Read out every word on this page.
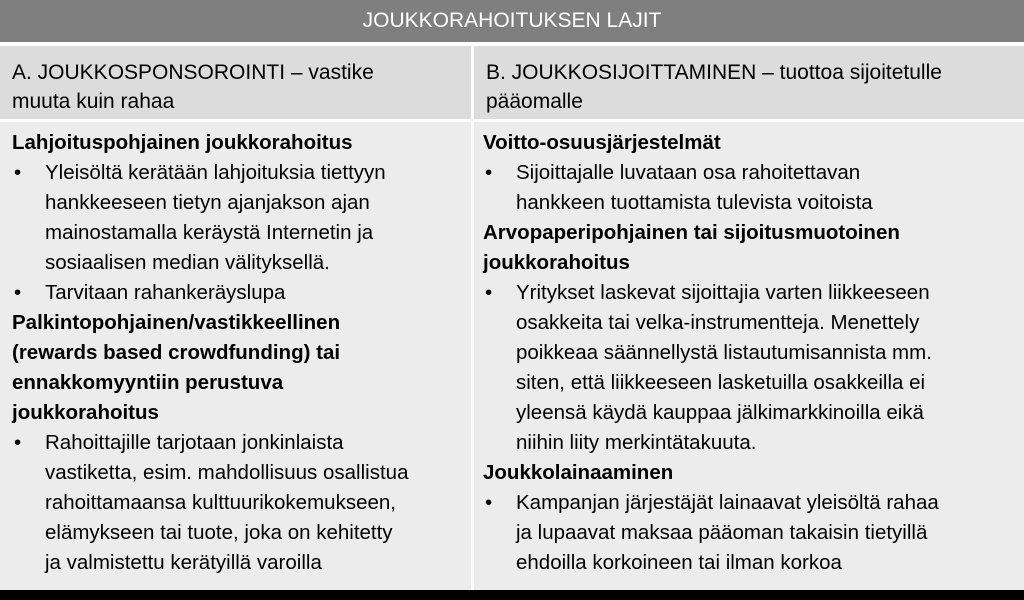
JOUKKORAHOITUKSEN LAJIT
A. JOUKKOSPONSOROINTI – vastike
muuta kuin rahaa
B. JOUKKOSIJOITTAMINEN – tuottoa sijoitetulle
pääomalle
Lahjoituspohjainen joukkorahoitus
• Yleisöltä kerätään lahjoituksia tiettyyn
hankkeeseen tietyn ajanjakson ajan
mainostamalla keräystä Internetin ja
sosiaalisen median välityksellä.
• Tarvitaan rahankeräyslupa
Palkintopohjainen/vastikkeellinen
(rewards based crowdfunding) tai
ennakkomyyntiin perustuva
joukkorahoitus
• Rahoittajille tarjotaan jonkinlaista
vastiketta, esim. mahdollisuus osallistua
rahoittamaansa kulttuurikokemukseen,
elämykseen tai tuote, joka on kehitetty
ja valmistettu kerätyillä varoilla
Voitto-osuusjärjestelmät
• Sijoittajalle luvataan osa rahoitettavan
hankkeen tuottamista tulevista voitoista
Arvopaperipohjainen tai sijoitusmuotoinen
joukkorahoitus
• Yritykset laskevat sijoittajia varten liikkeeseen
osakkeita tai velka-instrumentteja. Menettely
poikkeaa säännellystä listautumisannista mm.
siten, että liikkeeseen lasketuilla osakkeilla ei
yleensä käydä kauppaa jälkimarkkinoilla eikä
niihin liity merkintätakuuta.
Joukkolainaaminen
• Kampanjan järjestäjät lainaavat yleisöltä rahaa
ja lupaavat maksaa pääoman takaisin tietyillä
ehdoilla korkoineen tai ilman korkoa
